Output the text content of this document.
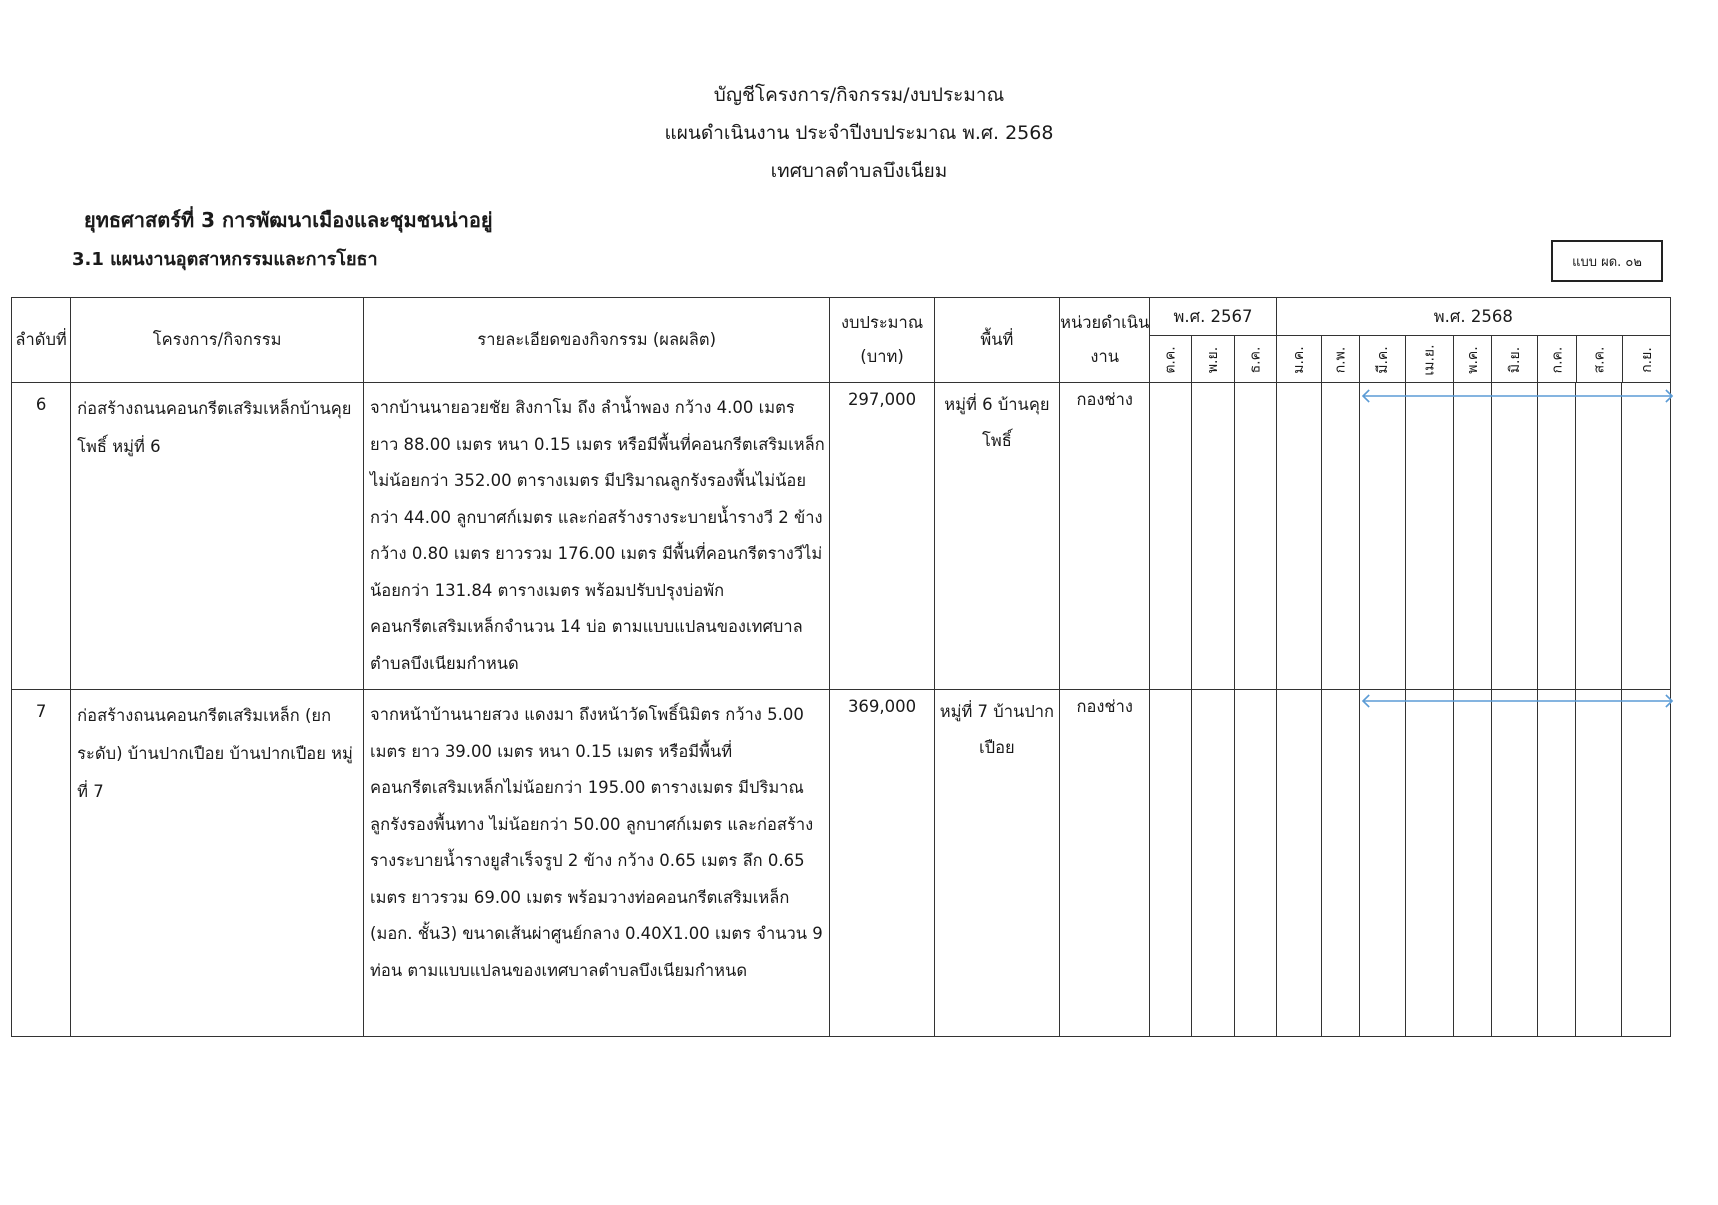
บัญชีโครงการ/กิจกรรม/งบประมาณ
แผนดำเนินงาน ประจำปีงบประมาณ พ.ศ. 2568
เทศบาลตำบลบึงเนียม
ยุทธศาสตร์ที่ 3 การพัฒนาเมืองและชุมชนน่าอยู่
3.1 แผนงานอุตสาหกรรมและการโยธา	แบบ ผด. ๐๒
ลำดับที่	โครงการ/กิจกรรม	รายละเอียดของกิจกรรม (ผลผลิต)	งบประมาณ (บาท)	พื้นที่	หน่วยดำเนินงาน	พ.ศ. 2567			พ.ศ. 2568								
						ต.ค.	พ.ย.	ธ.ค.	ม.ค.	ก.พ.	มี.ค.	เม.ย.	พ.ค.	มิ.ย.	ก.ค.	ส.ค.	ก.ย.
6	ก่อสร้างถนนคอนกรีตเสริมเหล็กบ้านคุยโพธิ์ หมู่ที่ 6	จากบ้านนายอวยชัย สิงกาโม ถึง ลำน้ำพอง กว้าง 4.00 เมตร ยาว 88.00 เมตร หนา 0.15 เมตร หรือมีพื้นที่คอนกรีตเสริมเหล็กไม่น้อยกว่า 352.00 ตารางเมตร มีปริมาณลูกรังรองพื้นไม่น้อยกว่า 44.00 ลูกบาศก์เมตร และก่อสร้างรางระบายน้ำรางวี 2 ข้าง กว้าง 0.80 เมตร ยาวรวม 176.00 เมตร มีพื้นที่คอนกรีตรางวีไม่น้อยกว่า 131.84 ตารางเมตร พร้อมปรับปรุงบ่อพักคอนกรีตเสริมเหล็กจำนวน 14 บ่อ ตามแบบแปลนของเทศบาลตำบลบึงเนียมกำหนด	297,000	หมู่ที่ 6 บ้านคุยโพธิ์	กองช่าง						

7	ก่อสร้างถนนคอนกรีตเสริมเหล็ก (ยกระดับ) บ้านปากเปือย บ้านปากเปือย หมู่ที่ 7	จากหน้าบ้านนายสวง แดงมา ถึงหน้าวัดโพธิ์นิมิตร กว้าง 5.00 เมตร ยาว 39.00 เมตร หนา 0.15 เมตร หรือมีพื้นที่คอนกรีตเสริมเหล็กไม่น้อยกว่า 195.00 ตารางเมตร มีปริมาณลูกรังรองพื้นทาง ไม่น้อยกว่า 50.00 ลูกบาศก์เมตร และก่อสร้างรางระบายน้ำรางยูสำเร็จรูป 2 ข้าง กว้าง 0.65 เมตร ลึก 0.65 เมตร ยาวรวม 69.00 เมตร พร้อมวางท่อคอนกรีตเสริมเหล็ก (มอก. ชั้น3) ขนาดเส้นผ่าศูนย์กลาง 0.40X1.00 เมตร จำนวน 9 ท่อน ตามแบบแปลนของเทศบาลตำบลบึงเนียมกำหนด	369,000	หมู่ที่ 7 บ้านปากเปือย	กองช่าง						
